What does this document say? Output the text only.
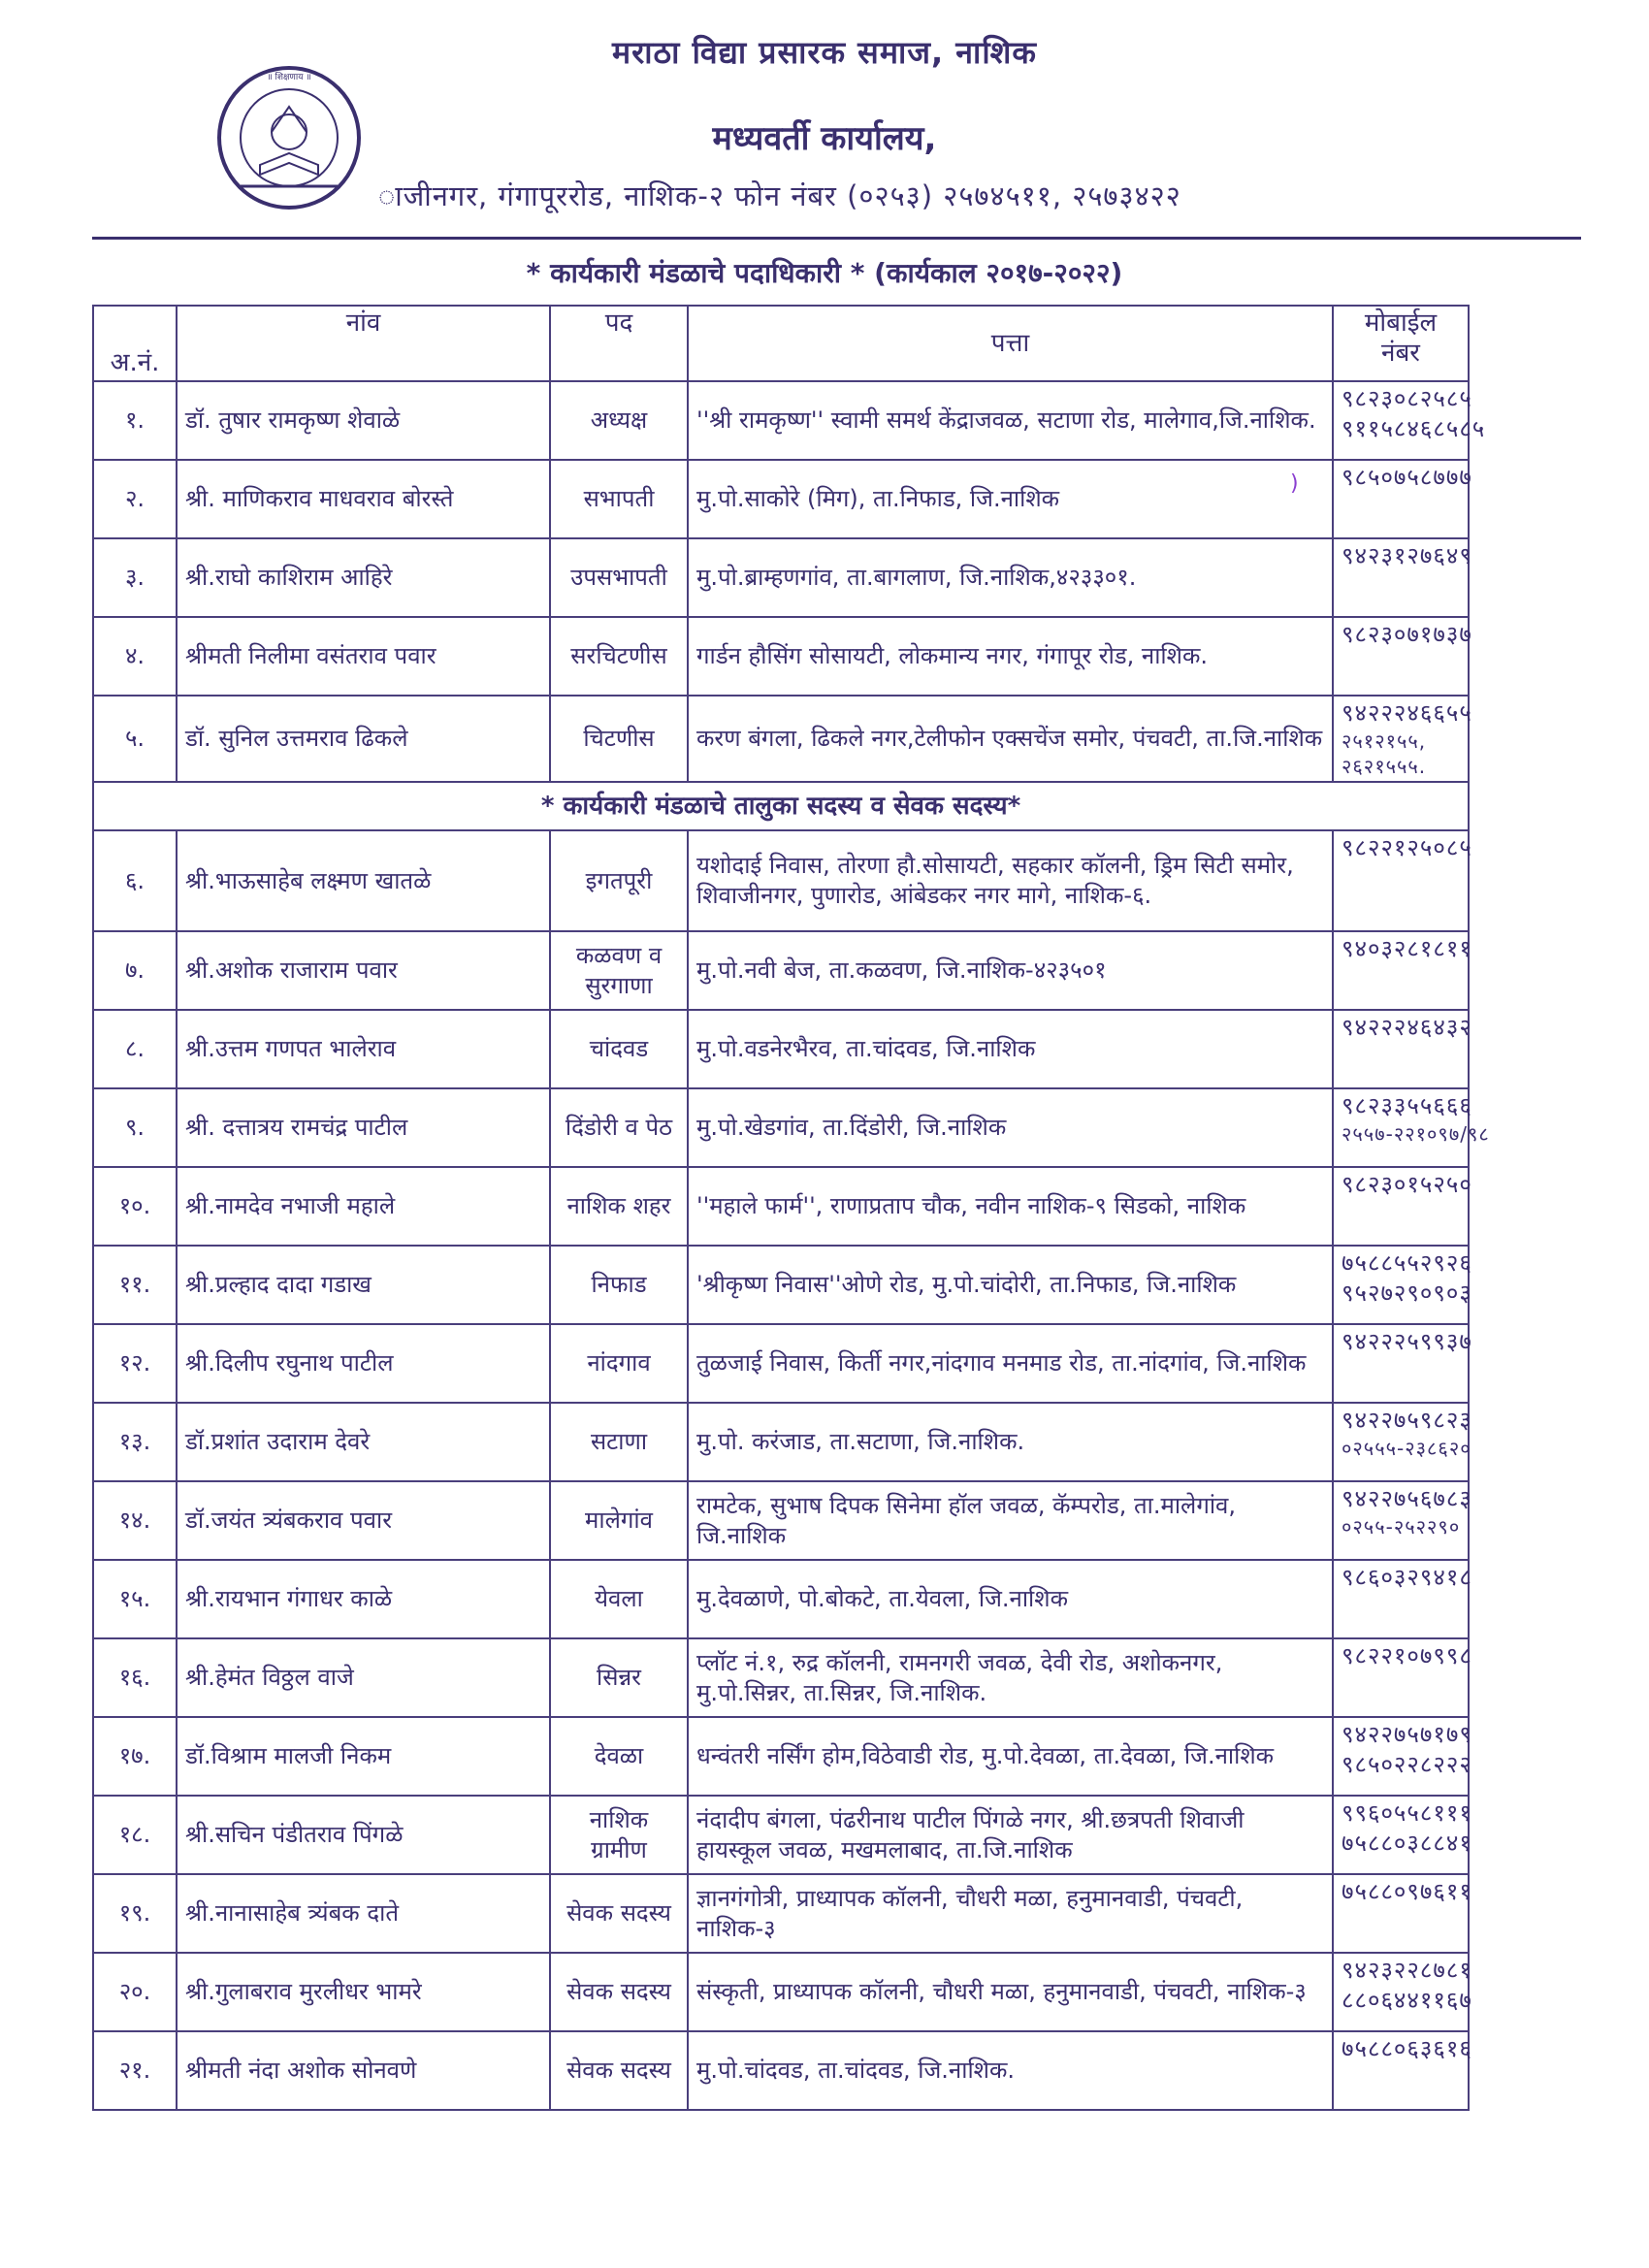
॥ शिक्षणाय ॥
मराठा विद्या प्रसारक समाज, नाशिक
मध्यवर्ती कार्यालय,
ाजीनगर, गंगापूररोड, नाशिक-२ फोन नंबर (०२५३) २५७४५११, २५७३४२२
* कार्यकारी मंडळाचे पदाधिकारी * (कार्यकाल २०१७-२०२२)
अ.नं.	नांव	पद	पत्ता	मोबाईल नंबर
१.	डॉ. तुषार रामकृष्ण शेवाळे	अध्यक्ष	''श्री रामकृष्ण'' स्वामी समर्थ केंद्राजवळ, सटाणा रोड, मालेगाव,जि.नाशिक.	९८२३०८२५८५
९११५८४६८५८५

२.	श्री. माणिकराव माधवराव बोरस्ते	सभापती	मु.पो.साकोरे (मिग), ता.निफाड, जि.नाशिक	९८५०७५८७७७

३.	श्री.राघो काशिराम आहिरे	उपसभापती	मु.पो.ब्राम्हणगांव, ता.बागलाण, जि.नाशिक,४२३३०१.	९४२३१२७६४९

४.	श्रीमती निलीमा वसंतराव पवार	सरचिटणीस	गार्डन हौसिंग सोसायटी, लोकमान्य नगर, गंगापूर रोड, नाशिक.	९८२३०७१७३७

५.	डॉ. सुनिल उत्तमराव ढिकले	चिटणीस	करण बंगला, ढिकले नगर,टेलीफोन एक्सचेंज समोर, पंचवटी, ता.जि.नाशिक	९४२२२४६६५५
२५१२१५५, २६२१५५५.

* कार्यकारी मंडळाचे तालुका सदस्य व सेवक सदस्य*				
६.	श्री.भाऊसाहेब लक्ष्मण खातळे	इगतपूरी	यशोदाई निवास, तोरणा हौ.सोसायटी, सहकार कॉलनी, ड्रिम सिटी समोर, शिवाजीनगर, पुणारोड, आंबेडकर नगर मागे, नाशिक-६.	९८२२१२५०८५

७.	श्री.अशोक राजाराम पवार	कळवण व सुरगाणा	मु.पो.नवी बेज, ता.कळवण, जि.नाशिक-४२३५०१	९४०३२८१८११

८.	श्री.उत्तम गणपत भालेराव	चांदवड	मु.पो.वडनेरभैरव, ता.चांदवड, जि.नाशिक	९४२२२४६४३२

९.	श्री. दत्तात्रय रामचंद्र पाटील	दिंडोरी व पेठ	मु.पो.खेडगांव, ता.दिंडोरी, जि.नाशिक	९८२३३५५६६६
२५५७-२२१०९७/९८

१०.	श्री.नामदेव नभाजी महाले	नाशिक शहर	''महाले फार्म'', राणाप्रताप चौक, नवीन नाशिक-९ सिडको, नाशिक	९८२३०१५२५०

११.	श्री.प्रल्हाद दादा गडाख	निफाड	'श्रीकृष्ण निवास''ओणे रोड, मु.पो.चांदोरी, ता.निफाड, जि.नाशिक	७५८८५५२९२६
९५२७२९०९०३

१२.	श्री.दिलीप रघुनाथ पाटील	नांदगाव	तुळजाई निवास, किर्ती नगर,नांदगाव मनमाड रोड, ता.नांदगांव, जि.नाशिक	९४२२२५९९३७

१३.	डॉ.प्रशांत उदाराम देवरे	सटाणा	मु.पो. करंजाड, ता.सटाणा, जि.नाशिक.	९४२२७५९८२३
०२५५५-२३८६२०

१४.	डॉ.जयंत त्र्यंबकराव पवार	मालेगांव	रामटेक, सुभाष दिपक सिनेमा हॉल जवळ, कॅम्परोड, ता.मालेगांव, जि.नाशिक	९४२२७५६७८३
०२५५-२५२२९०

१५.	श्री.रायभान गंगाधर काळे	येवला	मु.देवळाणे, पो.बोकटे, ता.येवला, जि.नाशिक	९८६०३२९४१८

१६.	श्री.हेमंत विठ्ठल वाजे	सिन्नर	प्लॉट नं.१, रुद्र कॉलनी, रामनगरी जवळ, देवी रोड, अशोकनगर, मु.पो.सिन्नर, ता.सिन्नर, जि.नाशिक.	९८२२१०७९९८

१७.	डॉ.विश्राम मालजी निकम	देवळा	धन्वंतरी नर्सिंग होम,विठेवाडी रोड, मु.पो.देवळा, ता.देवळा, जि.नाशिक	९४२२७५७१७९
९८५०२२८२२२

१८.	श्री.सचिन पंडीतराव पिंगळे	नाशिक ग्रामीण	नंदादीप बंगला, पंढरीनाथ पाटील पिंगळे नगर, श्री.छत्रपती शिवाजी हायस्कूल जवळ, मखमलाबाद, ता.जि.नाशिक	९९६०५५८१११
७५८८०३८८४१

१९.	श्री.नानासाहेब त्र्यंबक दाते	सेवक सदस्य	ज्ञानगंगोत्री, प्राध्यापक कॉलनी, चौधरी मळा, हनुमानवाडी, पंचवटी, नाशिक-३	७५८८०९७६११

२०.	श्री.गुलाबराव मुरलीधर भामरे	सेवक सदस्य	संस्कृती, प्राध्यापक कॉलनी, चौधरी मळा, हनुमानवाडी, पंचवटी, नाशिक-३	९४२३२२८७८१
८८०६४४११६७

२१.	श्रीमती नंदा अशोक सोनवणे	सेवक सदस्य	मु.पो.चांदवड, ता.चांदवड, जि.नाशिक.	७५८८०६३६१६
)
